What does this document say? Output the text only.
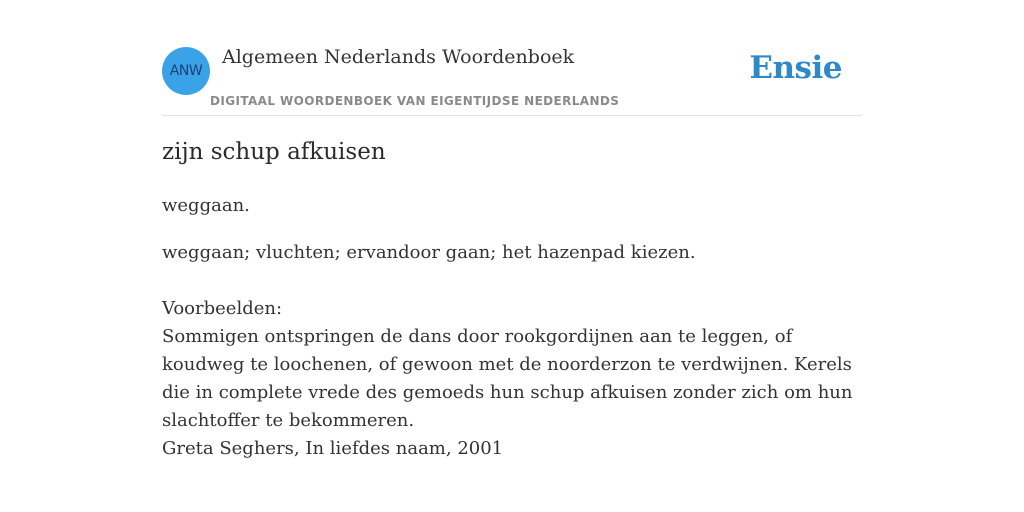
ANW
Algemeen Nederlands Woordenboek
DIGITAAL WOORDENBOEK VAN EIGENTIJDSE NEDERLANDS
Ensie
zijn schup afkuisen
weggaan.
weggaan; vluchten; ervandoor gaan; het hazenpad kiezen.
Voorbeelden:
Sommigen ontspringen de dans door rookgordijnen aan te leggen, of koudweg te loochenen, of gewoon met de noorderzon te verdwijnen. Kerels die in complete vrede des gemoeds hun schup afkuisen zonder zich om hun slachtoffer te bekommeren.
Greta Seghers, In liefdes naam, 2001
